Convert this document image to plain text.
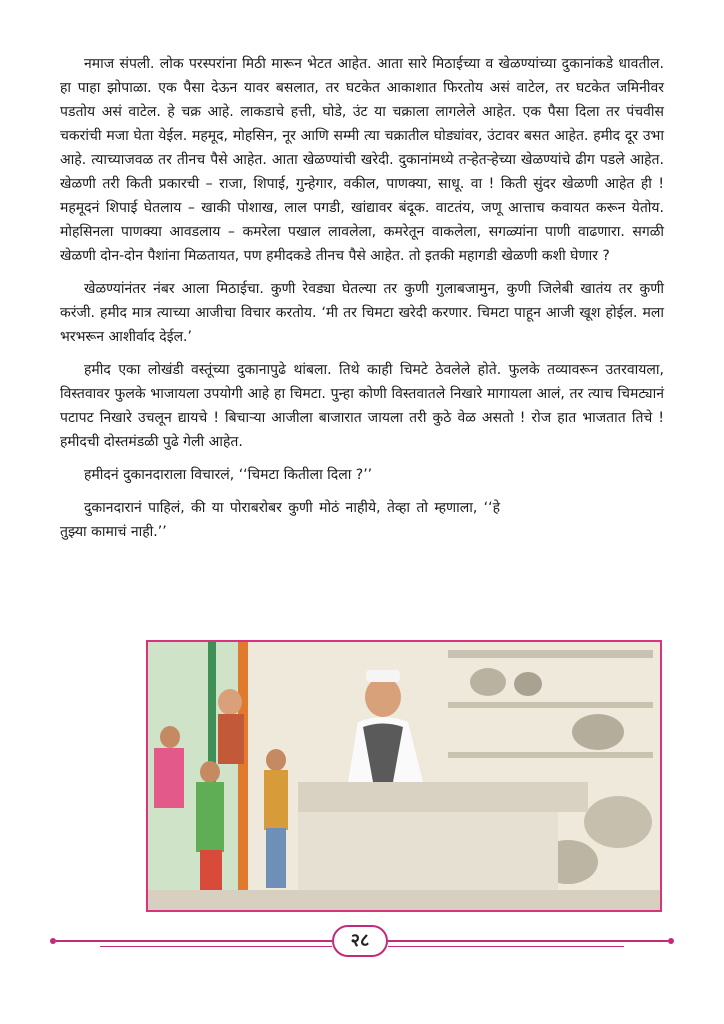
नमाज संपली. लोक परस्परांना मिठी मारून भेटत आहेत. आता सारे मिठाईच्या व खेळण्यांच्या दुकानांकडे धावतील. हा पाहा झोपाळा. एक पैसा देऊन यावर बसलात, तर घटकेत आकाशात फिरतोय असं वाटेल, तर घटकेत जमिनीवर पडतोय असं वाटेल. हे चक्र आहे. लाकडाचे हत्ती, घोडे, उंट या चक्राला लागलेले आहेत. एक पैसा दिला तर पंचवीस चकरांची मजा घेता येईल. महमूद, मोहसिन, नूर आणि सम्मी त्या चक्रातील घोड्यांवर, उंटावर बसत आहेत. हमीद दूर उभा आहे. त्याच्याजवळ तर तीनच पैसे आहेत. आता खेळण्यांची खरेदी. दुकानांमध्ये तऱ्हेतऱ्हेच्या खेळण्यांचे ढीग पडले आहेत. खेळणी तरी किती प्रकारची – राजा, शिपाई, गुन्हेगार, वकील, पाणक्या, साधू. वा ! किती सुंदर खेळणी आहेत ही ! महमूदनं शिपाई घेतलाय – खाकी पोशाख, लाल पगडी, खांद्यावर बंदूक. वाटतंय, जणू आत्ताच कवायत करून येतोय. मोहसिनला पाणक्या आवडलाय – कमरेला पखाल लावलेला, कमरेतून वाकलेला, सगळ्यांना पाणी वाढणारा. सगळी खेळणी दोन-दोन पैशांना मिळतायत, पण हमीदकडे तीनच पैसे आहेत. तो इतकी महागडी खेळणी कशी घेणार ?

खेळण्यांनंतर नंबर आला मिठाईचा. कुणी रेवड्या घेतल्या तर कुणी गुलाबजामुन, कुणी जिलेबी खातंय तर कुणी करंजी. हमीद मात्र त्याच्या आजीचा विचार करतोय. ‘मी तर चिमटा खरेदी करणार. चिमटा पाहून आजी खूश होईल. मला भरभरून आशीर्वाद देईल.’

हमीद एका लोखंडी वस्तूंच्या दुकानापुढे थांबला. तिथे काही चिमटे ठेवलेले होते. फुलके तव्यावरून उतरवायला, विस्तवावर फुलके भाजायला उपयोगी आहे हा चिमटा. पुन्हा कोणी विस्तवातले निखारे मागायला आलं, तर त्याच चिमट्यानं पटापट निखारे उचलून द्यायचे ! बिचाऱ्या आजीला बाजारात जायला तरी कुठे वेळ असतो ! रोज हात भाजतात तिचे ! हमीदची दोस्तमंडळी पुढे गेली आहेत.

हमीदनं दुकानदाराला विचारलं, ‘‘चिमटा कितीला दिला ?’’

दुकानदारानं पाहिलं, की या पोराबरोबर कुणी मोठं नाहीये, तेव्हा तो म्हणाला, ‘‘हे तुझ्या कामाचं नाही.’’

२८
